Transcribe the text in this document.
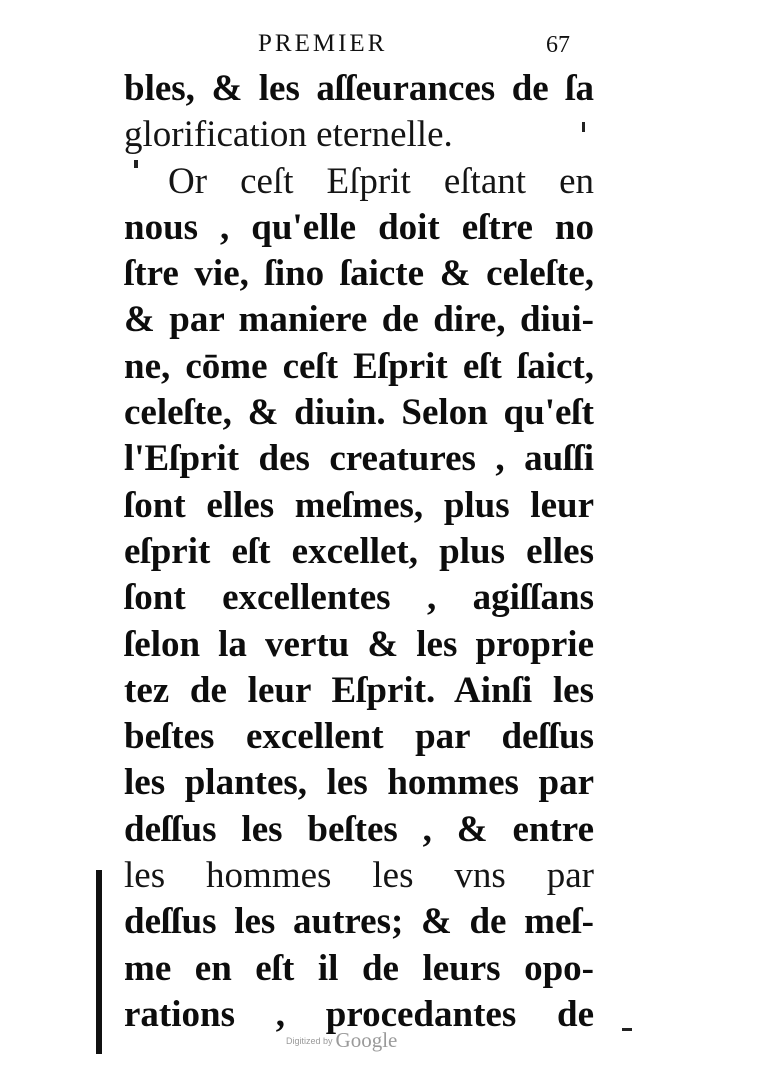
PREMIER	67
bles, & les aſſeurances de ſa
glorification eternelle.
Or ceſt Eſprit eſtant en
nous , qu'elle doit eſtre no
ſtre vie, ſino ſaicte & celeſte,
& par maniere de dire, diui-
ne, cōme ceſt Eſprit eſt ſaict,
celeſte, & diuin. Selon qu'eſt
l'Eſprit des creatures , auſſi
ſont elles meſmes, plus leur
eſprit eſt excellet, plus elles
ſont excellentes , agiſſans
ſelon la vertu & les proprie
tez de leur Eſprit. Ainſi les
beſtes excellent par deſſus
les plantes, les hommes par
deſſus les beſtes , & entre
les hommes les vns par
deſſus les autres; & de meſ-
me en eſt il de leurs opo-
rations , procedantes de
Digitized by Google
